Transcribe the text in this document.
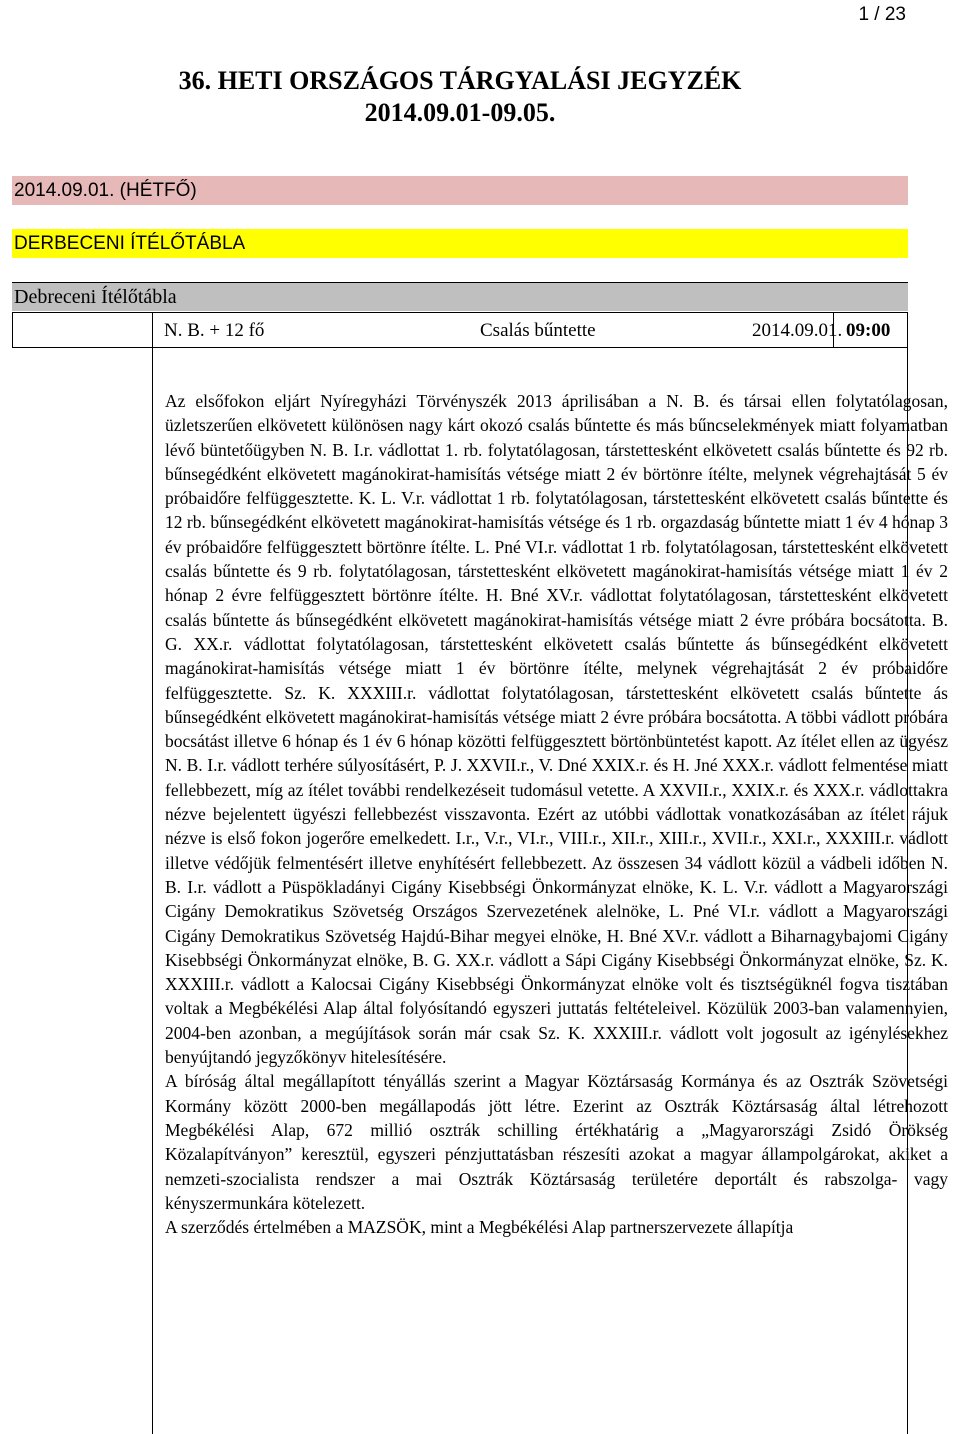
1 / 23
36. HETI ORSZÁGOS TÁRGYALÁSI JEGYZÉK
2014.09.01-09.05.
2014.09.01. (HÉTFŐ)
DERBECENI ÍTÉLŐTÁBLA
Debreceni Ítélőtábla
N. B. + 12 fő	Csalás bűntette	2014.09.01. 09:00

Az elsőfokon eljárt Nyíregyházi Törvényszék 2013 áprilisában a N. B. és társai ellen folytatólagosan, üzletszerűen elkövetett különösen nagy kárt okozó csalás bűntette és más bűncselekmények miatt folyamatban lévő büntetőügyben N. B. I.r. vádlottat 1. rb. folytatólagosan, társtettesként elkövetett csalás bűntette és 92 rb. bűnsegédként elkövetett magánokirat-hamisítás vétsége miatt 2 év börtönre ítélte, melynek végrehajtását 5 év próbaidőre felfüggesztette. K. L. V.r. vádlottat 1 rb. folytatólagosan, társtettesként elkövetett csalás bűntette és 12 rb. bűnsegédként elkövetett magánokirat-hamisítás vétsége és 1 rb. orgazdaság bűntette miatt 1 év 4 hónap 3 év próbaidőre felfüggesztett börtönre ítélte. L. Pné VI.r. vádlottat 1 rb. folytatólagosan, társtettesként elkövetett csalás bűntette és 9 rb. folytatólagosan, társtettesként elkövetett magánokirat-hamisítás vétsége miatt 1 év 2 hónap 2 évre felfüggesztett börtönre ítélte. H. Bné XV.r. vádlottat folytatólagosan, társtettesként elkövetett csalás bűntette ás bűnsegédként elkövetett magánokirat-hamisítás vétsége miatt 2 évre próbára bocsátotta. B. G. XX.r. vádlottat folytatólagosan, társtettesként elkövetett csalás bűntette ás bűnsegédként elkövetett magánokirat-hamisítás vétsége miatt 1 év börtönre ítélte, melynek végrehajtását 2 év próbaidőre felfüggesztette. Sz. K. XXXIII.r. vádlottat folytatólagosan, társtettesként elkövetett csalás bűntette ás bűnsegédként elkövetett magánokirat-hamisítás vétsége miatt 2 évre próbára bocsátotta. A többi vádlott próbára bocsátást illetve 6 hónap és 1 év 6 hónap közötti felfüggesztett börtönbüntetést kapott. Az ítélet ellen az ügyész N. B. I.r. vádlott terhére súlyosításért, P. J. XXVII.r., V. Dné XXIX.r. és H. Jné XXX.r. vádlott felmentése miatt fellebbezett, míg az ítélet további rendelkezéseit tudomásul vetette. A XXVII.r., XXIX.r. és XXX.r. vádlottakra nézve bejelentett ügyészi fellebbezést visszavonta. Ezért az utóbbi vádlottak vonatkozásában az ítélet rájuk nézve is első fokon jogerőre emelkedett. I.r., V.r., VI.r., VIII.r., XII.r., XIII.r., XVII.r., XXI.r., XXXIII.r. vádlott illetve védőjük felmentésért illetve enyhítésért fellebbezett. Az összesen 34 vádlott közül a vádbeli időben N. B. I.r. vádlott a Püspökladányi Cigány Kisebbségi Önkormányzat elnöke, K. L. V.r. vádlott a Magyarországi Cigány Demokratikus Szövetség Országos Szervezetének alelnöke, L. Pné VI.r. vádlott a Magyarországi Cigány Demokratikus Szövetség Hajdú-Bihar megyei elnöke, H. Bné XV.r. vádlott a Biharnagybajomi Cigány Kisebbségi Önkormányzat elnöke, B. G. XX.r. vádlott a Sápi Cigány Kisebbségi Önkormányzat elnöke, Sz. K. XXXIII.r. vádlott a Kalocsai Cigány Kisebbségi Önkormányzat elnöke volt és tisztségüknél fogva tisztában voltak a Megbékélési Alap által folyósítandó egyszeri juttatás feltételeivel. Közülük 2003-ban valamennyien, 2004-ben azonban, a megújítások során már csak Sz. K. XXXIII.r. vádlott volt jogosult az igénylésekhez benyújtandó jegyzőkönyv hitelesítésére.

A bíróság által megállapított tényállás szerint a Magyar Köztársaság Kormánya és az Osztrák Szövetségi Kormány között 2000-ben megállapodás jött létre. Ezerint az Osztrák Köztársaság által létrehozott Megbékélési Alap, 672 millió osztrák schilling értékhatárig a „Magyarországi Zsidó Örökség Közalapítványon” keresztül, egyszeri pénzjuttatásban részesíti azokat a magyar állampolgárokat, akiket a nemzeti-szocialista rendszer a mai Osztrák Köztársaság területére deportált és rabszolga- vagy kényszermunkára kötelezett.

A szerződés értelmében a MAZSÖK, mint a Megbékélési Alap partnerszervezete állapítja
